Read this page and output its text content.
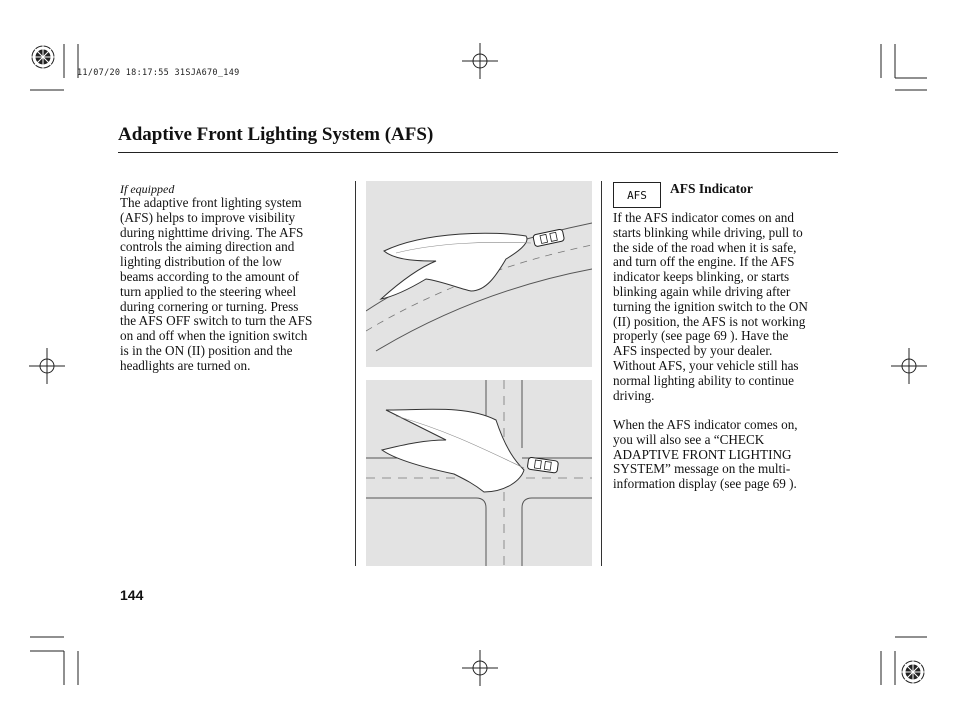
11/07/20 18:17:55 31SJA670_149
Adaptive Front Lighting System (AFS)
If equipped
The adaptive front lighting system
(AFS) helps to improve visibility
during nighttime driving. The AFS
controls the aiming direction and
lighting distribution of the low
beams according to the amount of
turn applied to the steering wheel
during cornering or turning. Press
the AFS OFF switch to turn the AFS
on and off when the ignition switch
is in the ON (II) position and the
headlights are turned on.
AFS	AFS Indicator
If the AFS indicator comes on and
starts blinking while driving, pull to
the side of the road when it is safe,
and turn off the engine. If the AFS
indicator keeps blinking, or starts
blinking again while driving after
turning the ignition switch to the ON
(II) position, the AFS is not working
properly (see page 69 ). Have the
AFS inspected by your dealer.
Without AFS, your vehicle still has
normal lighting ability to continue
driving.
When the AFS indicator comes on,
you will also see a “CHECK
ADAPTIVE FRONT LIGHTING
SYSTEM” message on the multi-
information display (see page 69 ).
144
